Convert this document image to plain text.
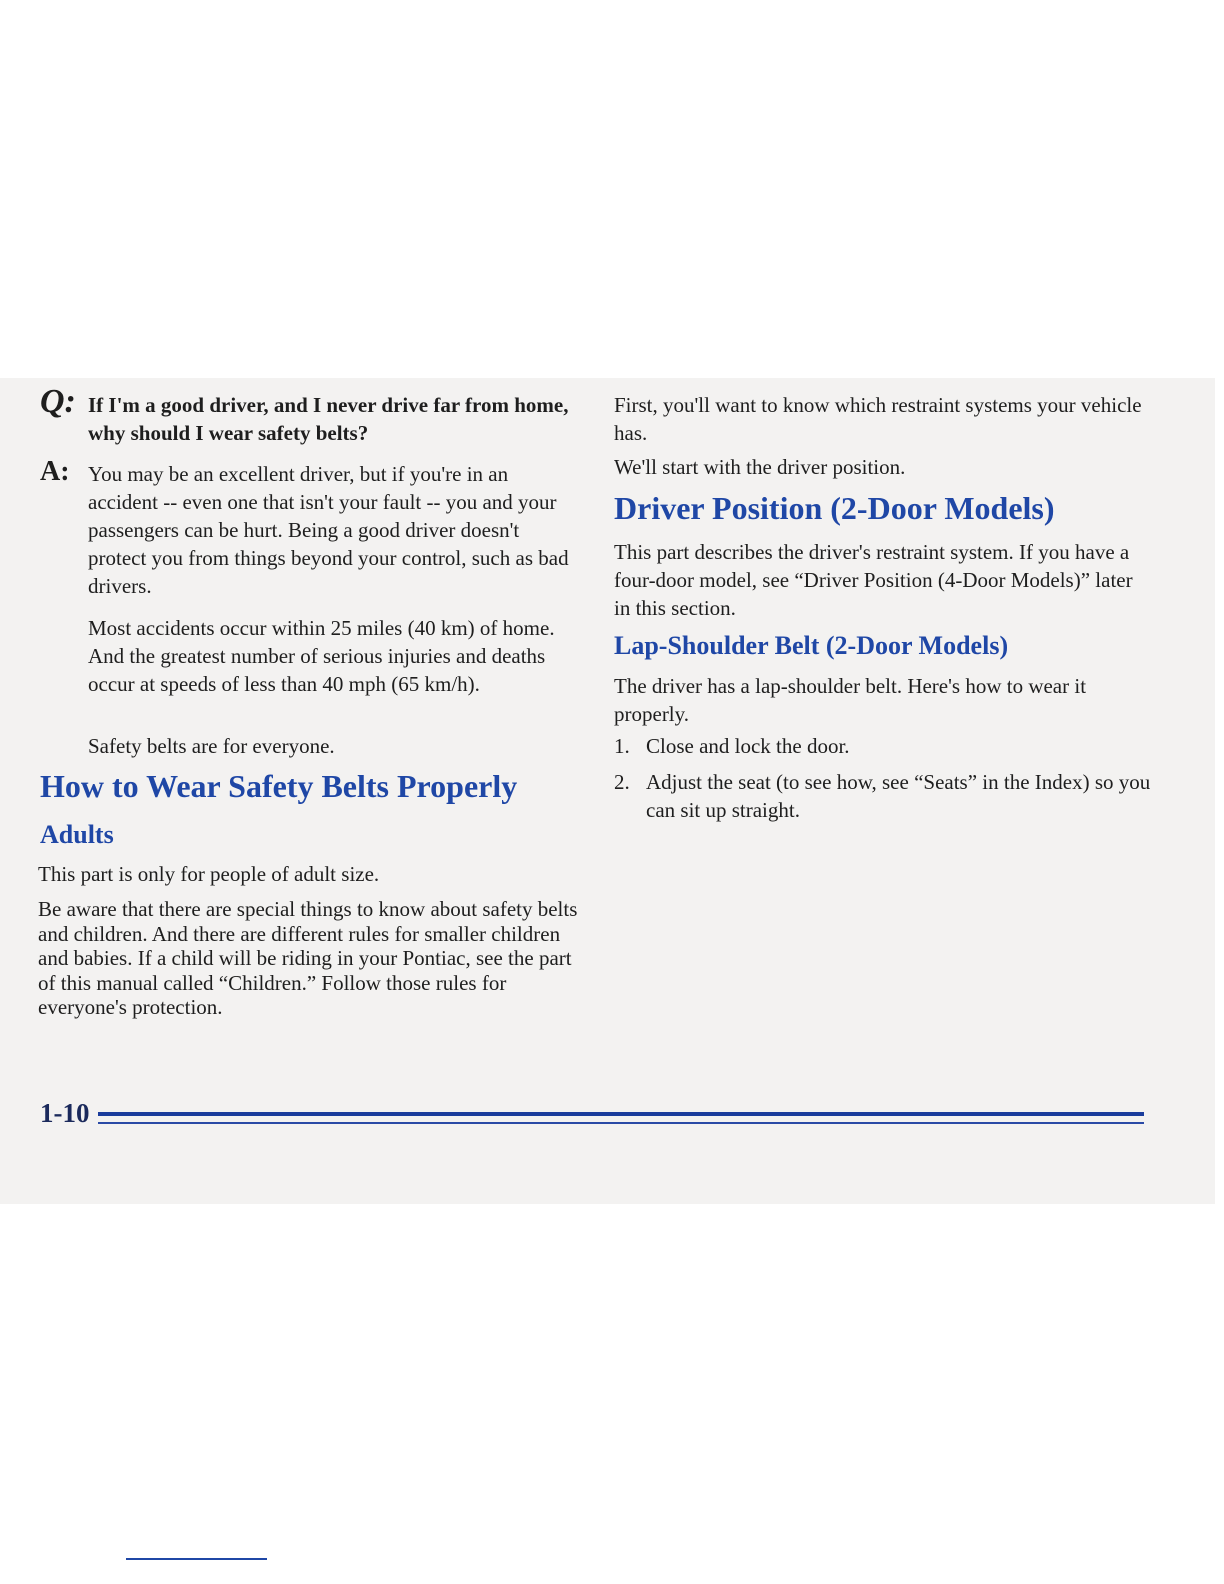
Q: If I'm a good driver, and I never drive far from home, why should I wear safety belts?
A: You may be an excellent driver, but if you're in an accident -- even one that isn't your fault -- you and your passengers can be hurt. Being a good driver doesn't protect you from things beyond your control, such as bad drivers.

Most accidents occur within 25 miles (40 km) of home. And the greatest number of serious injuries and deaths occur at speeds of less than 40 mph (65 km/h).

Safety belts are for everyone.

How to Wear Safety Belts Properly
Adults

This part is only for people of adult size.

Be aware that there are special things to know about safety belts and children. And there are different rules for smaller children and babies. If a child will be riding in your Pontiac, see the part of this manual called “Children.” Follow those rules for everyone's protection.

First, you'll want to know which restraint systems your vehicle has.

We'll start with the driver position.

Driver Position (2-Door Models)

This part describes the driver's restraint system. If you have a four-door model, see “Driver Position (4-Door Models)” later in this section.

Lap-Shoulder Belt (2-Door Models)

The driver has a lap-shoulder belt. Here's how to wear it properly.

1. Close and lock the door.
2. Adjust the seat (to see how, see “Seats” in the Index) so you can sit up straight.
1-10
